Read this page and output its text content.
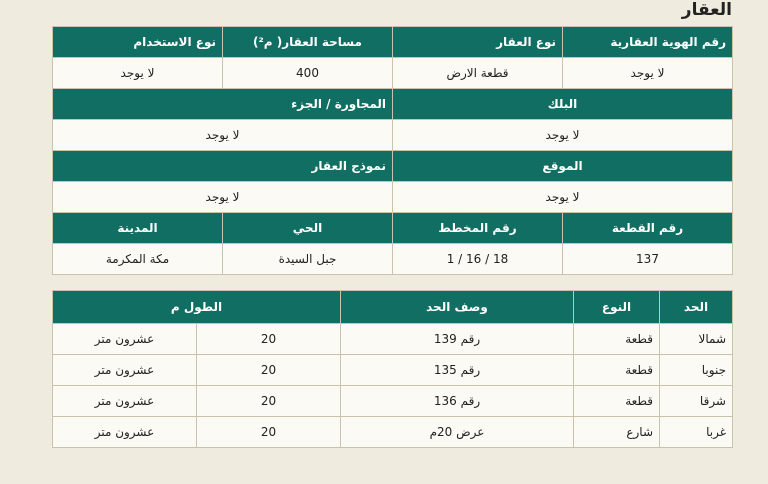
العقار
رقم الهوية العقارية	نوع العقار	مساحة العقار( م²)	نوع الاستخدام
لا يوجد	قطعة الارض	400	لا يوجد
البلك		المجاورة / الجزء	
لا يوجد		لا يوجد	
الموقع		نموذج العقار	
لا يوجد		لا يوجد	
رقم القطعة	رقم المخطط	الحي	المدينة
137	18 / 16 / 1	جبل السيدة	مكة المكرمة
الحد	النوع	وصف الحد	الطول م	
شمالا	قطعة	رقم 139	20	عشرون متر
جنوبا	قطعة	رقم 135	20	عشرون متر
شرقا	قطعة	رقم 136	20	عشرون متر
غربا	شارع	عرض 20م	20	عشرون متر
